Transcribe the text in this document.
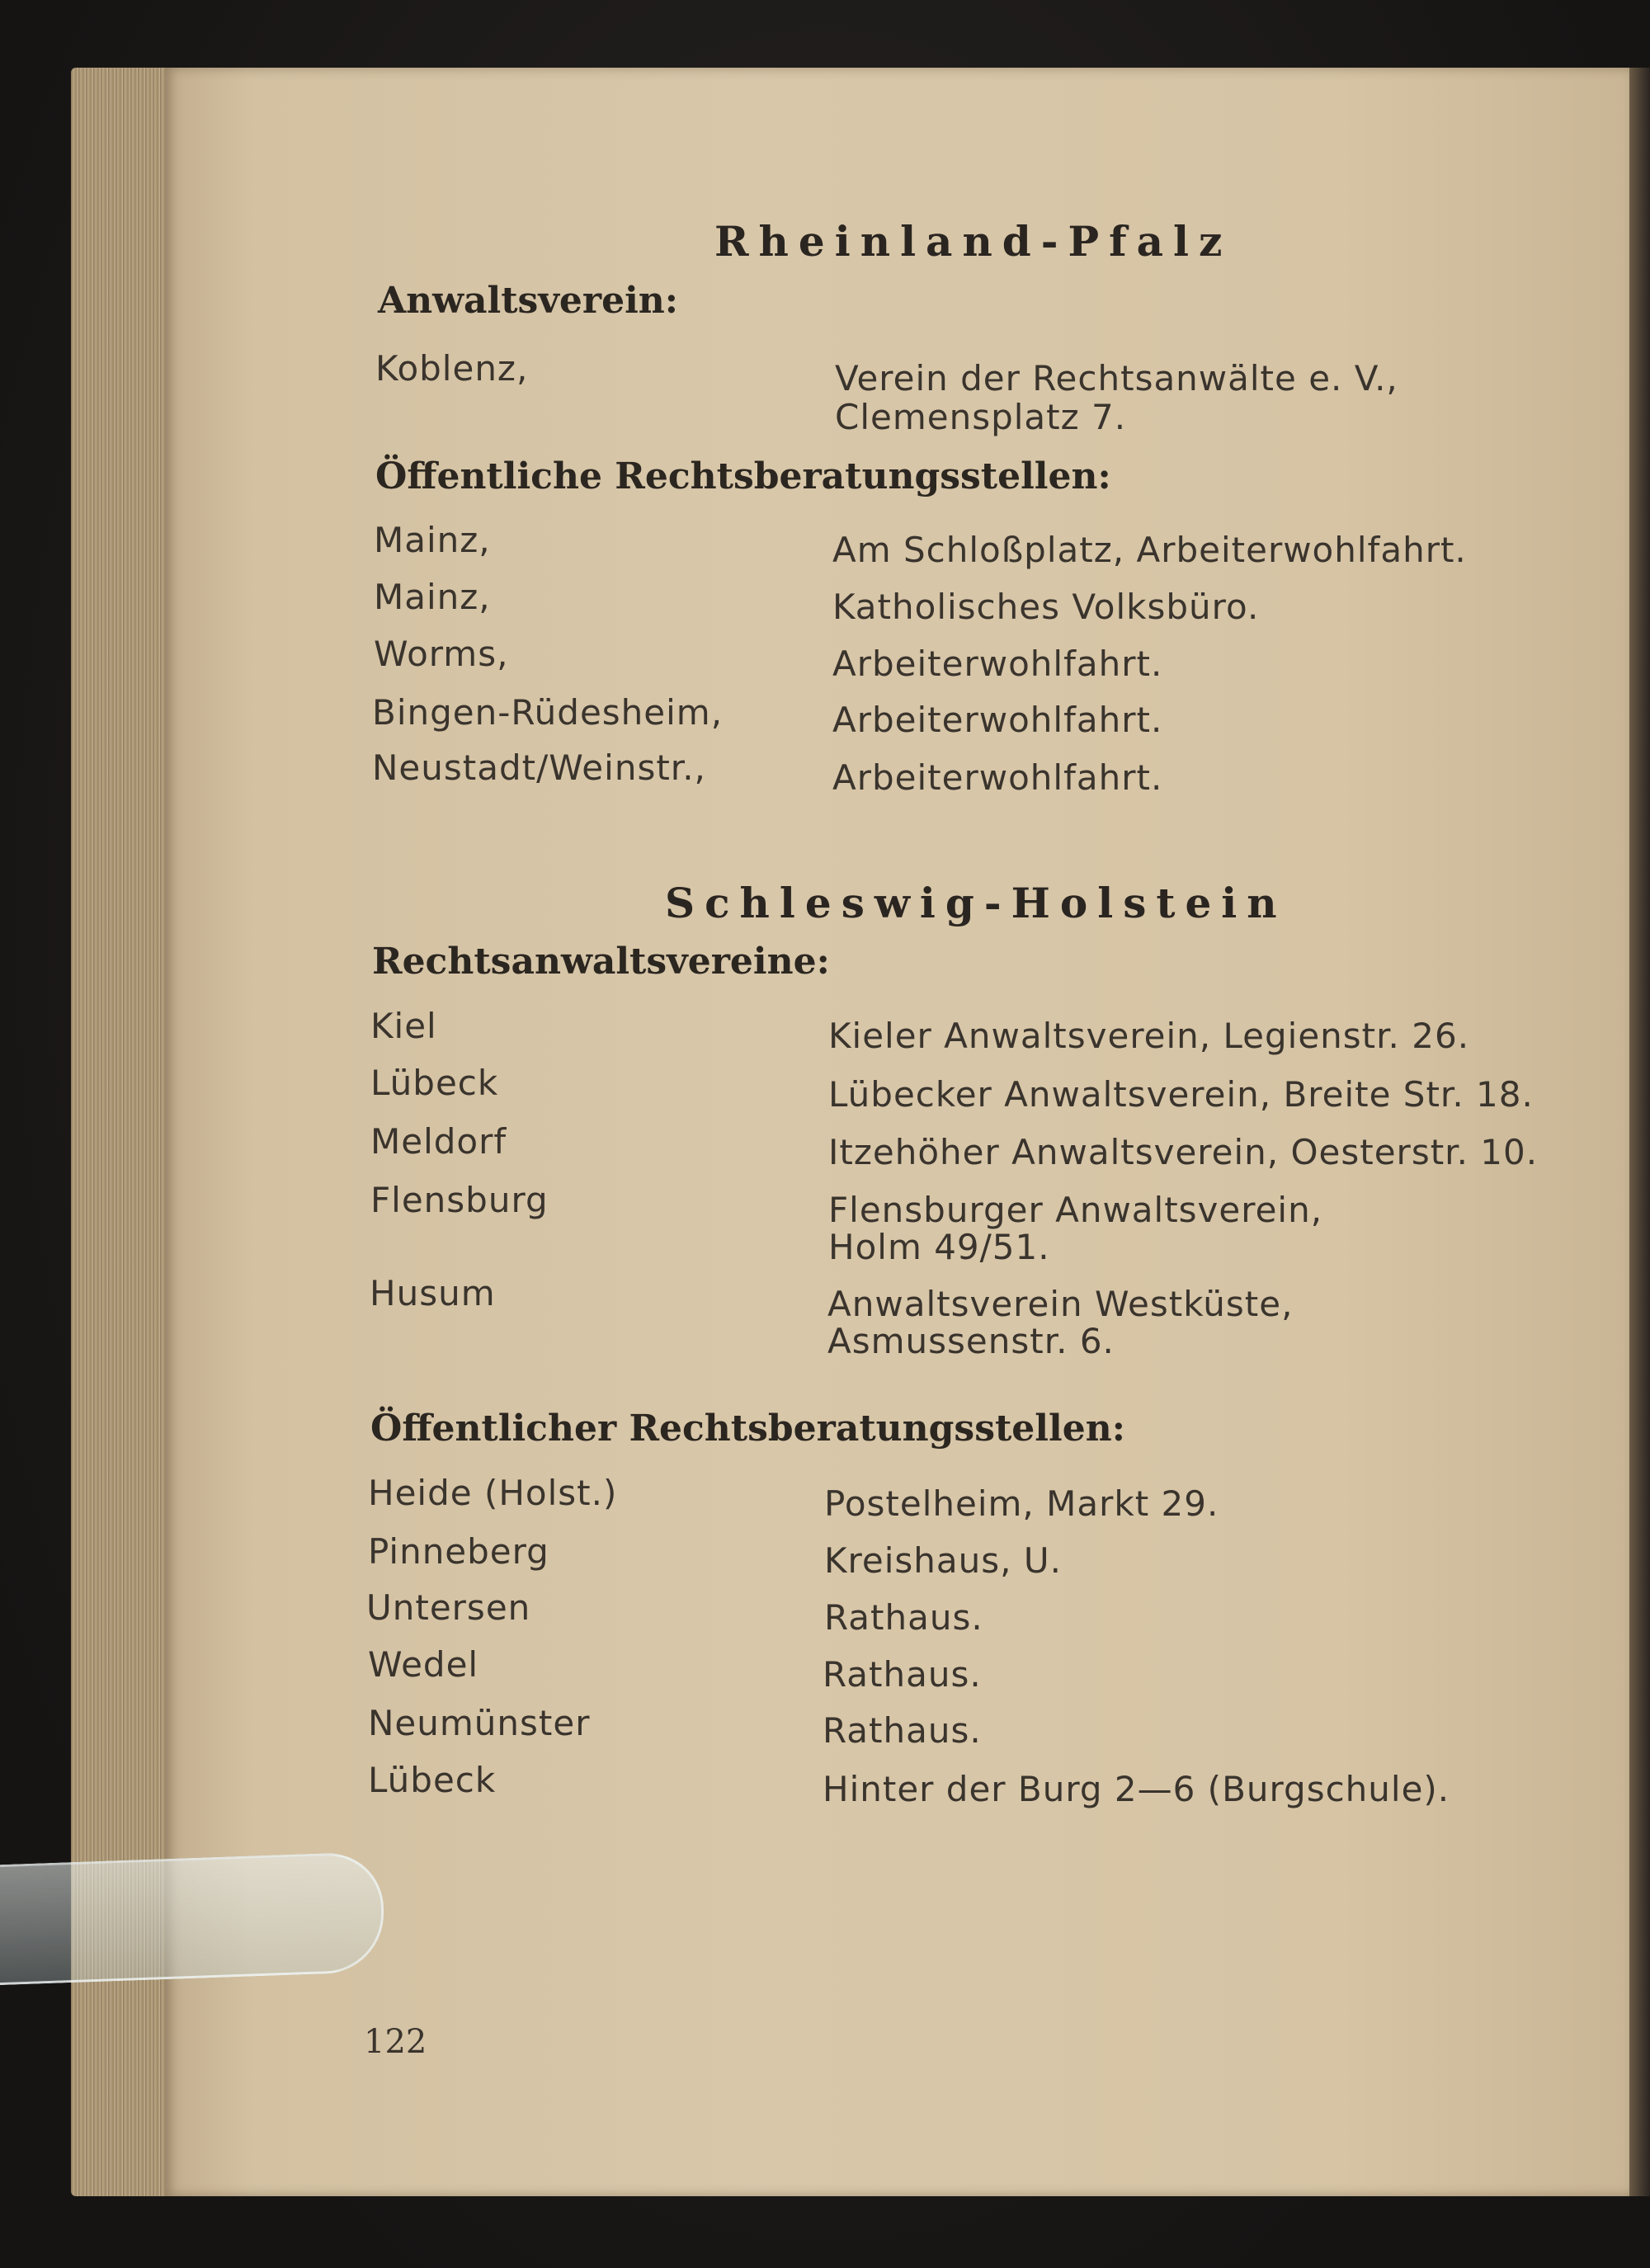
Rheinland-Pfalz
Anwaltsverein:
Koblenz,	Verein der Rechtsanwälte e. V.,
Clemensplatz 7.
Öffentliche Rechtsberatungsstellen:
Mainz,	Am Schloßplatz, Arbeiterwohlfahrt.
Mainz,	Katholisches Volksbüro.
Worms,	Arbeiterwohlfahrt.
Bingen-Rüdesheim,	Arbeiterwohlfahrt.
Neustadt/Weinstr.,	Arbeiterwohlfahrt.
Schleswig-Holstein
Rechtsanwaltsvereine:
Kiel	Kieler Anwaltsverein, Legienstr. 26.
Lübeck	Lübecker Anwaltsverein, Breite Str. 18.
Meldorf	Itzehöher Anwaltsverein, Oesterstr. 10.
Flensburg	Flensburger Anwaltsverein,
Holm 49/51.
Husum	Anwaltsverein Westküste,
Asmussenstr. 6.
Öffentlicher Rechtsberatungsstellen:
Heide (Holst.)	Postelheim, Markt 29.
Pinneberg	Kreishaus, U.
Untersen	Rathaus.
Wedel	Rathaus.
Neumünster	Rathaus.
Lübeck	Hinter der Burg 2—6 (Burgschule).
122
